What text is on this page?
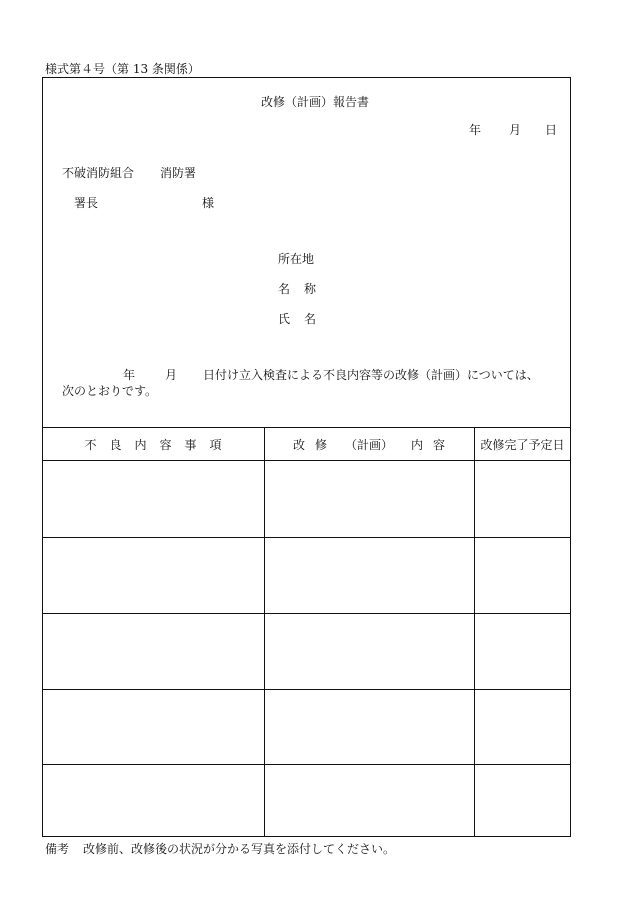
様式第４号（第 13 条関係）
改修（計画）報告書
年 月 日
不破消防組合 消防署
署長	様
所在地
名 称
氏 名
年	月 日付け立入検査による不良内容等の改修（計画）については、
次のとおりです。
不 良 内 容 事 項	改 修 （計画） 内 容	改修完了予定日
備考 改修前、改修後の状況が分かる写真を添付してください。
